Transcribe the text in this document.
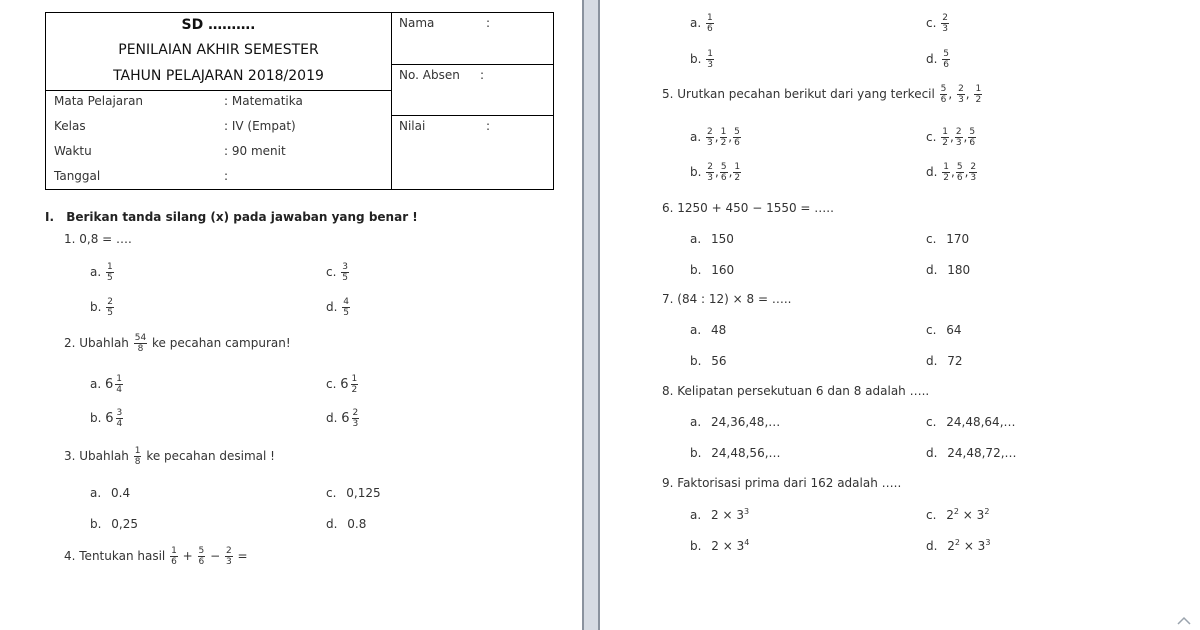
SD ……….
PENILAIAN AKHIR SEMESTER
TAHUN PELAJARAN 2018/2019
Mata Pelajaran	: Matematika
Kelas	: IV (Empat)
Waktu	: 90 menit
Tanggal	:
Nama	:
No. Absen :
Nilai	:
I. Berikan tanda silang (x) pada jawaban yang benar !
1. 0,8 = ….
a. $\frac{1}{5}$	c. $\frac{3}{5}$
b. $\frac{2}{5}$	d. $\frac{4}{5}$
2. Ubahlah $\frac{54}{8}$ ke pecahan campuran!
a. $6 \frac{1}{4}$	c. $6 \frac{1}{2}$
b. $6 \frac{3}{4}$	d. $6 \frac{2}{3}$
3. Ubahlah $\frac{1}{8}$ ke pecahan desimal !
a. 0.4	c. 0,125
b. 0,25	d. 0.8
4. Tentukan hasil $\frac{1}{6} + \frac{5}{6} - \frac{2}{3}$ =
a. $\frac{1}{6}$	c. $\frac{2}{3}$
b. $\frac{1}{3}$	d. $\frac{5}{6}$
5. Urutkan pecahan berikut dari yang terkecil $\frac{5}{6}$ , $\frac{2}{3}$ , $\frac{1}{2}$
a. $\frac{2}{3}$ , $\frac{1}{2}$ , $\frac{5}{6}$	c. $\frac{1}{2}$ , $\frac{2}{3}$ , $\frac{5}{6}$
b. $\frac{2}{3}$ , $\frac{5}{6}$ , $\frac{1}{2}$	d. $\frac{1}{2}$ , $\frac{5}{6}$ , $\frac{2}{3}$
6. 1250 + 450 − 1550 = …..
a. 150	c. 170
b. 160	d. 180
7. (84 : 12) × 8 = …..
a. 48	c. 64
b. 56	d. 72
8. Kelipatan persekutuan 6 dan 8 adalah …..
a. 24,36,48,…	c. 24,48,64,…
b. 24,48,56,…	d. 24,48,72,…
9. Faktorisasi prima dari 162 adalah …..
a. $2 \times 3^3$	c. $2^2 \times 3^2$
b. $2 \times 3^4$	d. $2^2 \times 3^3$
